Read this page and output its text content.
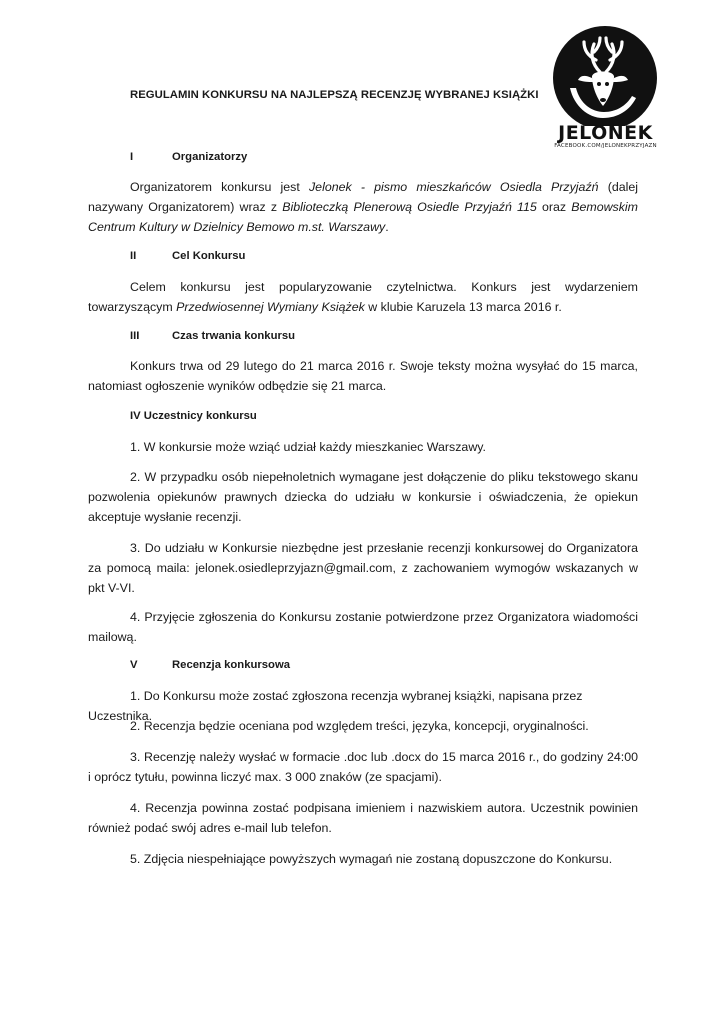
JELONEK
FACEBOOK.COM/JELONEKPRZYJAZN
REGULAMIN KONKURSU NA NAJLEPSZĄ RECENZJĘ WYBRANEJ KSIĄŻKI
I	Organizatorzy
Organizatorem konkursu jest Jelonek - pismo mieszkańców Osiedla Przyjaźń (dalej nazywany Organizatorem) wraz z Biblioteczką Plenerową Osiedle Przyjaźń 115 oraz Bemowskim Centrum Kultury w Dzielnicy Bemowo m.st. Warszawy.
II	Cel Konkursu
Celem konkursu jest popularyzowanie czytelnictwa. Konkurs jest wydarzeniem towarzyszącym Przedwiosennej Wymiany Książek w klubie Karuzela 13 marca 2016 r.
III	Czas trwania konkursu
Konkurs trwa od 29 lutego do 21 marca 2016 r. Swoje teksty można wysyłać do 15 marca, natomiast ogłoszenie wyników odbędzie się 21 marca.
IV Uczestnicy konkursu
1. W konkursie może wziąć udział każdy mieszkaniec Warszawy.
2. W przypadku osób niepełnoletnich wymagane jest dołączenie do pliku tekstowego skanu pozwolenia opiekunów prawnych dziecka do udziału w konkursie i oświadczenia, że opiekun akceptuje wysłanie recenzji.
3. Do udziału w Konkursie niezbędne jest przesłanie recenzji konkursowej do Organizatora za pomocą maila: jelonek.osiedleprzyjazn@gmail.com, z zachowaniem wymogów wskazanych w pkt V-VI.
4. Przyjęcie zgłoszenia do Konkursu zostanie potwierdzone przez Organizatora wiadomości mailową.
V	Recenzja konkursowa
1. Do Konkursu może zostać zgłoszona recenzja wybranej książki, napisana przez Uczestnika.
2. Recenzja będzie oceniana pod względem treści, języka, koncepcji, oryginalności.
3. Recenzję należy wysłać w formacie .doc lub .docx do 15 marca 2016 r., do godziny 24:00 i oprócz tytułu, powinna liczyć max. 3 000 znaków (ze spacjami).
4. Recenzja powinna zostać podpisana imieniem i nazwiskiem autora. Uczestnik powinien również podać swój adres e-mail lub telefon.
5. Zdjęcia niespełniające powyższych wymagań nie zostaną dopuszczone do Konkursu.
